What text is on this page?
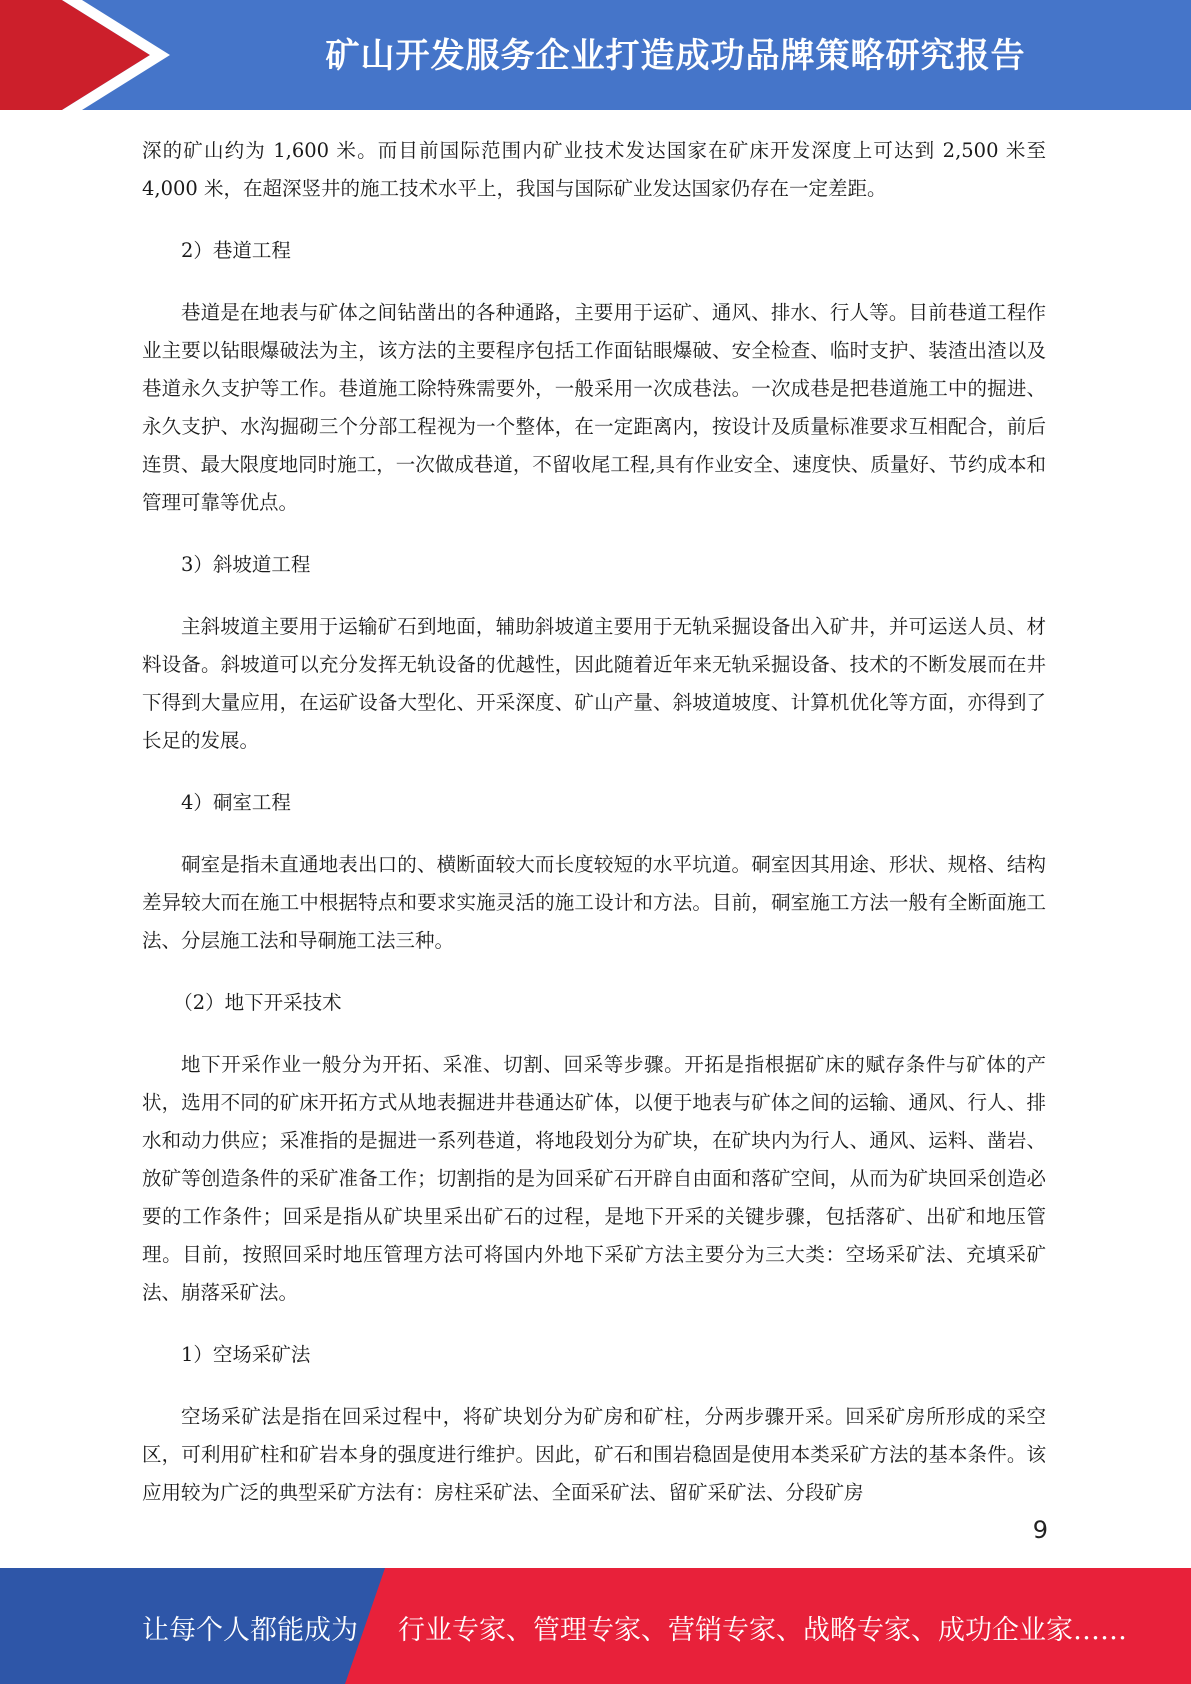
矿山开发服务企业打造成功品牌策略研究报告

深的矿山约为 1,600 米。而目前国际范围内矿业技术发达国家在矿床开发深度上可达到 2,500 米至 4,000 米，在超深竖井的施工技术水平上，我国与国际矿业发达国家仍存在一定差距。

2）巷道工程

巷道是在地表与矿体之间钻凿出的各种通路，主要用于运矿、通风、排水、行人等。目前巷道工程作业主要以钻眼爆破法为主，该方法的主要程序包括工作面钻眼爆破、安全检查、临时支护、装渣出渣以及巷道永久支护等工作。巷道施工除特殊需要外，一般采用一次成巷法。一次成巷是把巷道施工中的掘进、永久支护、水沟掘砌三个分部工程视为一个整体，在一定距离内，按设计及质量标准要求互相配合，前后连贯、最大限度地同时施工，一次做成巷道，不留收尾工程,具有作业安全、速度快、质量好、节约成本和管理可靠等优点。

3）斜坡道工程

主斜坡道主要用于运输矿石到地面，辅助斜坡道主要用于无轨采掘设备出入矿井，并可运送人员、材料设备。斜坡道可以充分发挥无轨设备的优越性，因此随着近年来无轨采掘设备、技术的不断发展而在井下得到大量应用，在运矿设备大型化、开采深度、矿山产量、斜坡道坡度、计算机优化等方面，亦得到了长足的发展。

4）硐室工程

硐室是指未直通地表出口的、横断面较大而长度较短的水平坑道。硐室因其用途、形状、规格、结构差异较大而在施工中根据特点和要求实施灵活的施工设计和方法。目前，硐室施工方法一般有全断面施工法、分层施工法和导硐施工法三种。

（2）地下开采技术

地下开采作业一般分为开拓、采准、切割、回采等步骤。开拓是指根据矿床的赋存条件与矿体的产状，选用不同的矿床开拓方式从地表掘进井巷通达矿体，以便于地表与矿体之间的运输、通风、行人、排水和动力供应；采准指的是掘进一系列巷道，将地段划分为矿块，在矿块内为行人、通风、运料、凿岩、放矿等创造条件的采矿准备工作；切割指的是为回采矿石开辟自由面和落矿空间，从而为矿块回采创造必要的工作条件；回采是指从矿块里采出矿石的过程，是地下开采的关键步骤，包括落矿、出矿和地压管理。目前，按照回采时地压管理方法可将国内外地下采矿方法主要分为三大类：空场采矿法、充填采矿法、崩落采矿法。

1）空场采矿法

空场采矿法是指在回采过程中，将矿块划分为矿房和矿柱，分两步骤开采。回采矿房所形成的采空区，可利用矿柱和矿岩本身的强度进行维护。因此，矿石和围岩稳固是使用本类采矿方法的基本条件。该应用较为广泛的典型采矿方法有：房柱采矿法、全面采矿法、留矿采矿法、分段矿房

9
让每个人都能成为 行业专家、管理专家、营销专家、战略专家、成功企业家……
